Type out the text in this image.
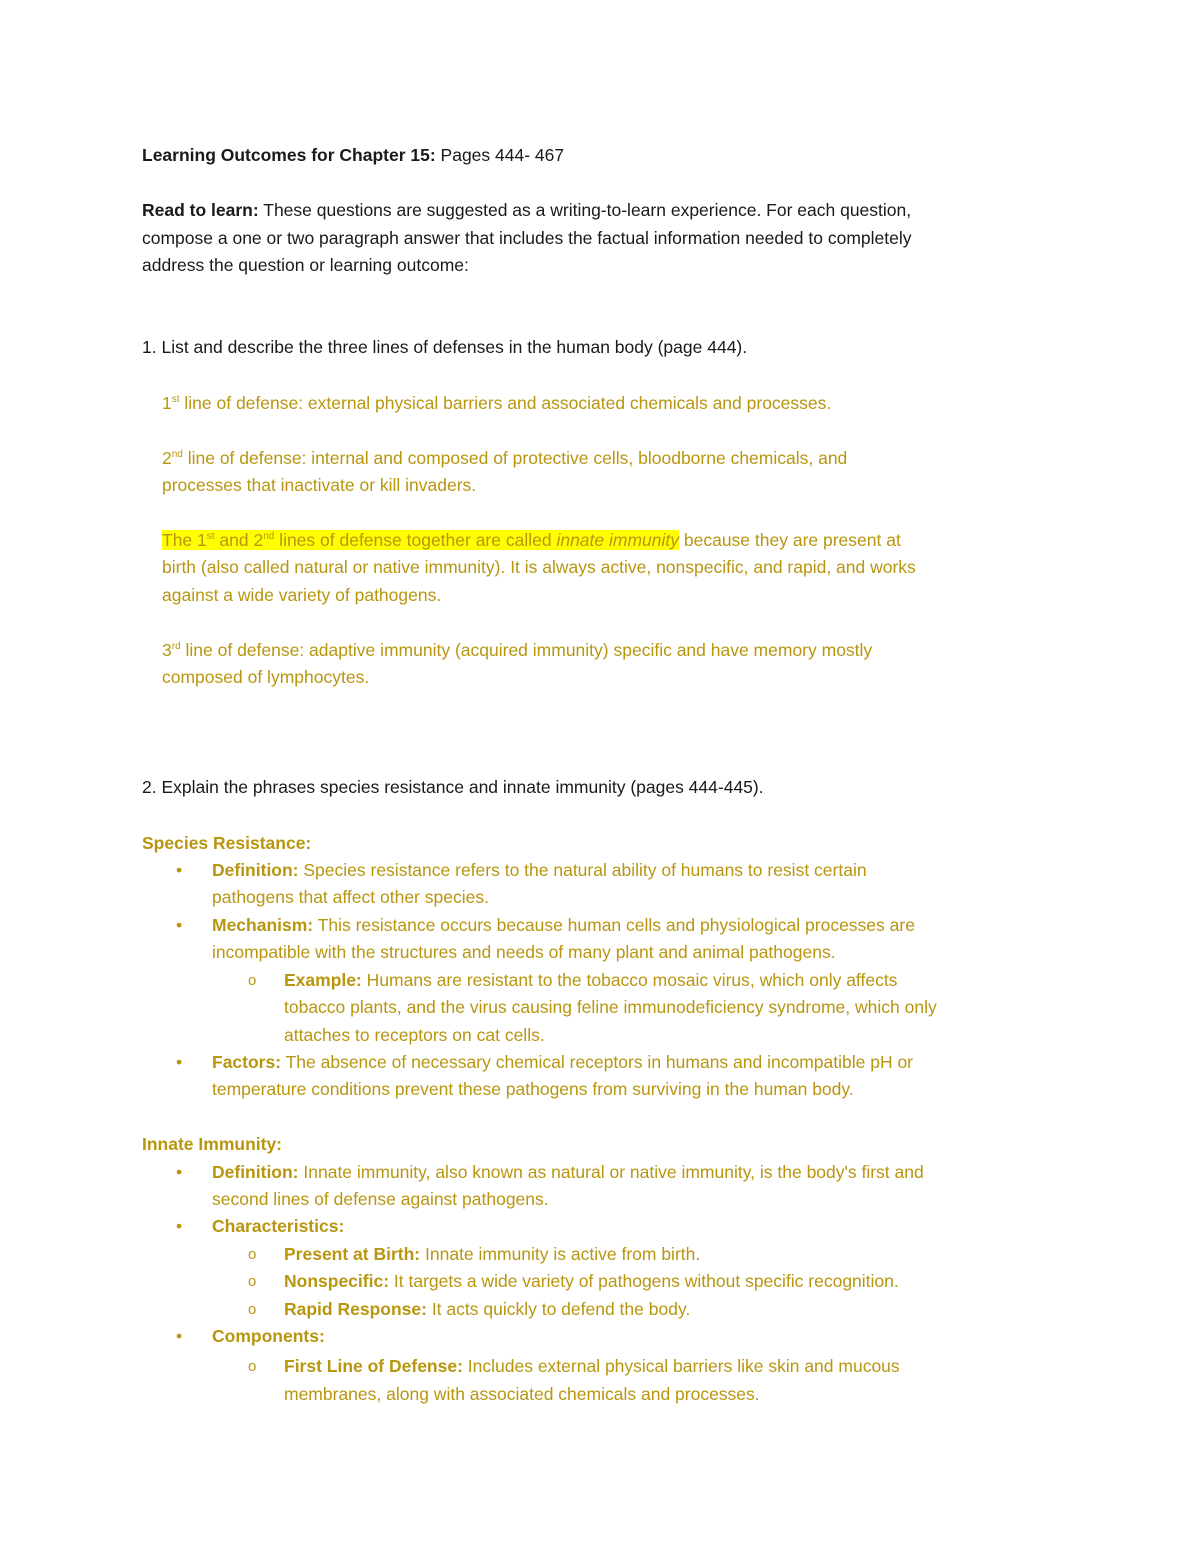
Learning Outcomes for Chapter 15: Pages 444- 467

Read to learn: These questions are suggested as a writing-to-learn experience. For each question,

compose a one or two paragraph answer that includes the factual information needed to completely

address the question or learning outcome:

1. List and describe the three lines of defenses in the human body (page 444).

1st line of defense: external physical barriers and associated chemicals and processes.

2nd line of defense: internal and composed of protective cells, bloodborne chemicals, and

processes that inactivate or kill invaders.

The 1st and 2nd lines of defense together are called innate immunity because they are present at

birth (also called natural or native immunity). It is always active, nonspecific, and rapid, and works

against a wide variety of pathogens.

3rd line of defense: adaptive immunity (acquired immunity) specific and have memory mostly

composed of lymphocytes.

2. Explain the phrases species resistance and innate immunity (pages 444-445).

Species Resistance:
• Definition: Species resistance refers to the natural ability of humans to resist certain

pathogens that affect other species.

• Mechanism: This resistance occurs because human cells and physiological processes are

incompatible with the structures and needs of many plant and animal pathogens.

o Example: Humans are resistant to the tobacco mosaic virus, which only affects

tobacco plants, and the virus causing feline immunodeficiency syndrome, which only

attaches to receptors on cat cells.

• Factors: The absence of necessary chemical receptors in humans and incompatible pH or

temperature conditions prevent these pathogens from surviving in the human body.

Innate Immunity:
• Definition: Innate immunity, also known as natural or native immunity, is the body's first and

second lines of defense against pathogens.

• Characteristics:

o Present at Birth: Innate immunity is active from birth.

o Nonspecific: It targets a wide variety of pathogens without specific recognition.

o Rapid Response: It acts quickly to defend the body.

• Components:

o First Line of Defense: Includes external physical barriers like skin and mucous

membranes, along with associated chemicals and processes.
